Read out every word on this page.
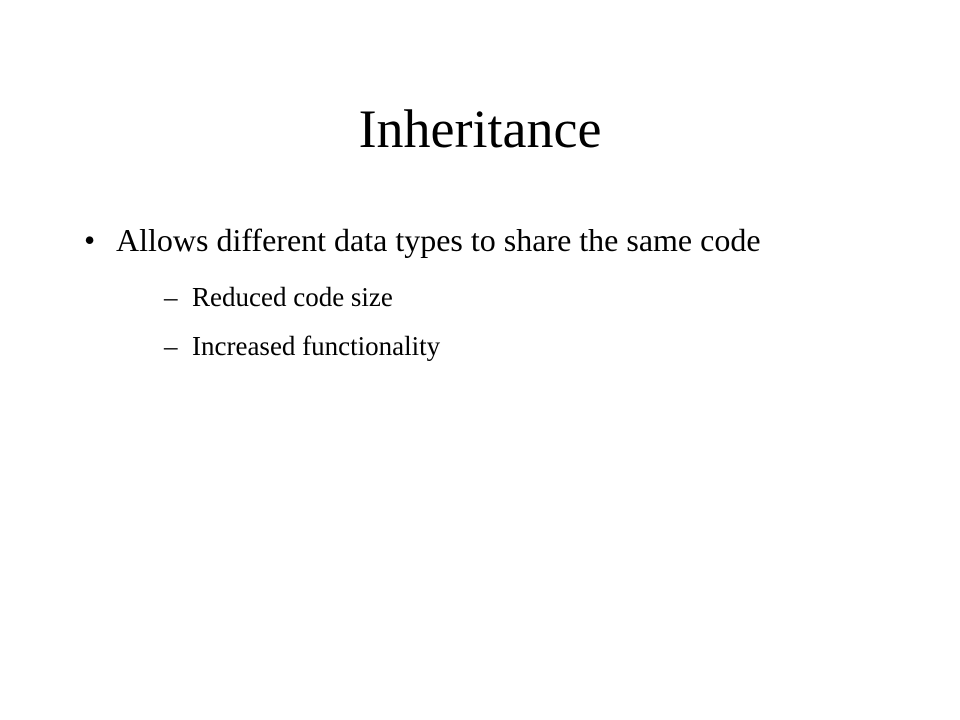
Inheritance
• Allows different data types to share the same code
– Reduced code size
– Increased functionality
